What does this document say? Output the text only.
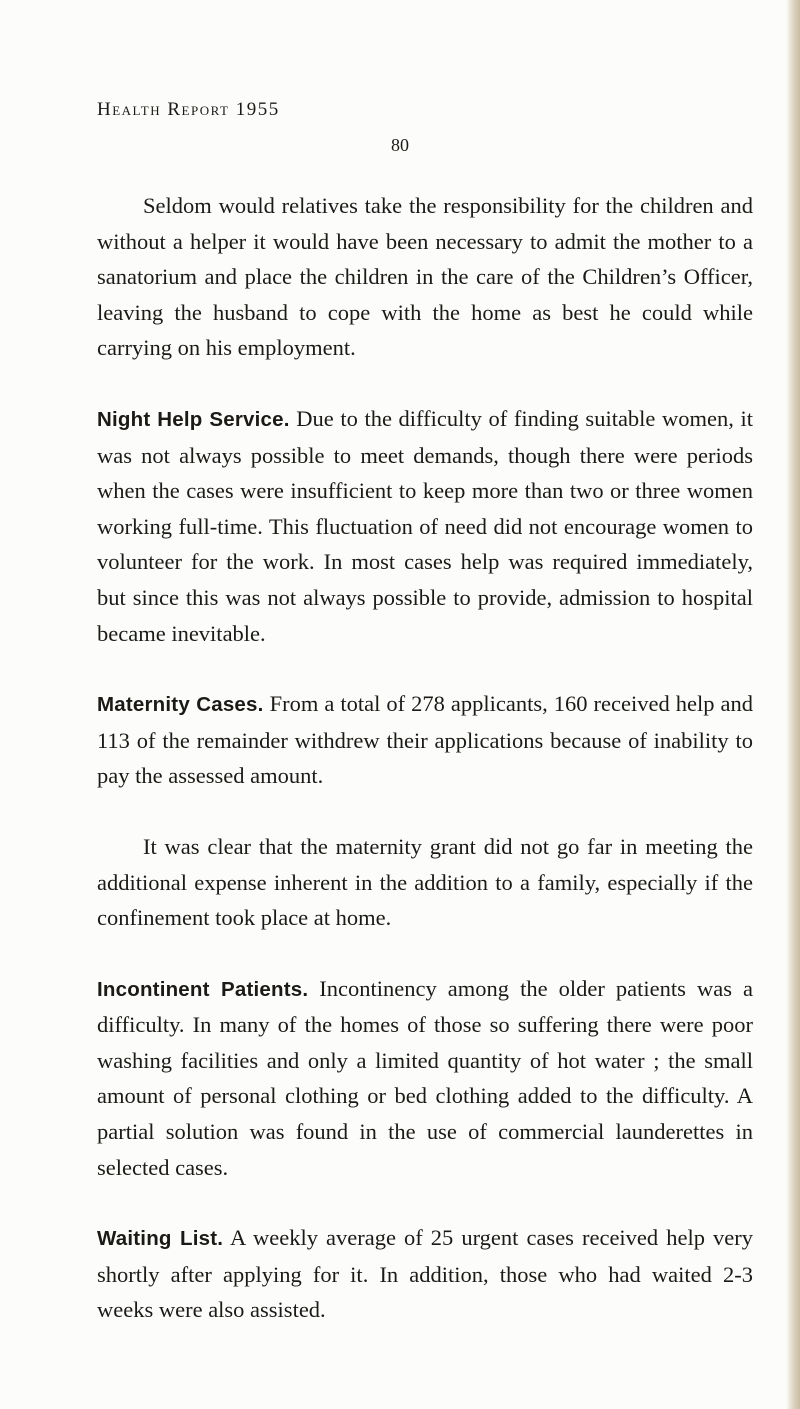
Health Report 1955

80

Seldom would relatives take the responsibility for the children and without a helper it would have been necessary to admit the mother to a sanatorium and place the children in the care of the Children’s Officer, leaving the husband to cope with the home as best he could while carrying on his employment.

Night Help Service. Due to the difficulty of finding suitable women, it was not always possible to meet demands, though there were periods when the cases were insufficient to keep more than two or three women working full-time. This fluctuation of need did not encourage women to volunteer for the work. In most cases help was required immediately, but since this was not always possible to provide, admission to hospital became inevitable.

Maternity Cases. From a total of 278 applicants, 160 received help and 113 of the remainder withdrew their applications because of inability to pay the assessed amount.

It was clear that the maternity grant did not go far in meeting the additional expense inherent in the addition to a family, especially if the confinement took place at home.

Incontinent Patients. Incontinency among the older patients was a difficulty. In many of the homes of those so suffering there were poor washing facilities and only a limited quantity of hot water ; the small amount of personal clothing or bed clothing added to the difficulty. A partial solution was found in the use of commercial launderettes in selected cases.

Waiting List. A weekly average of 25 urgent cases received help very shortly after applying for it. In addition, those who had waited 2-3 weeks were also assisted.
